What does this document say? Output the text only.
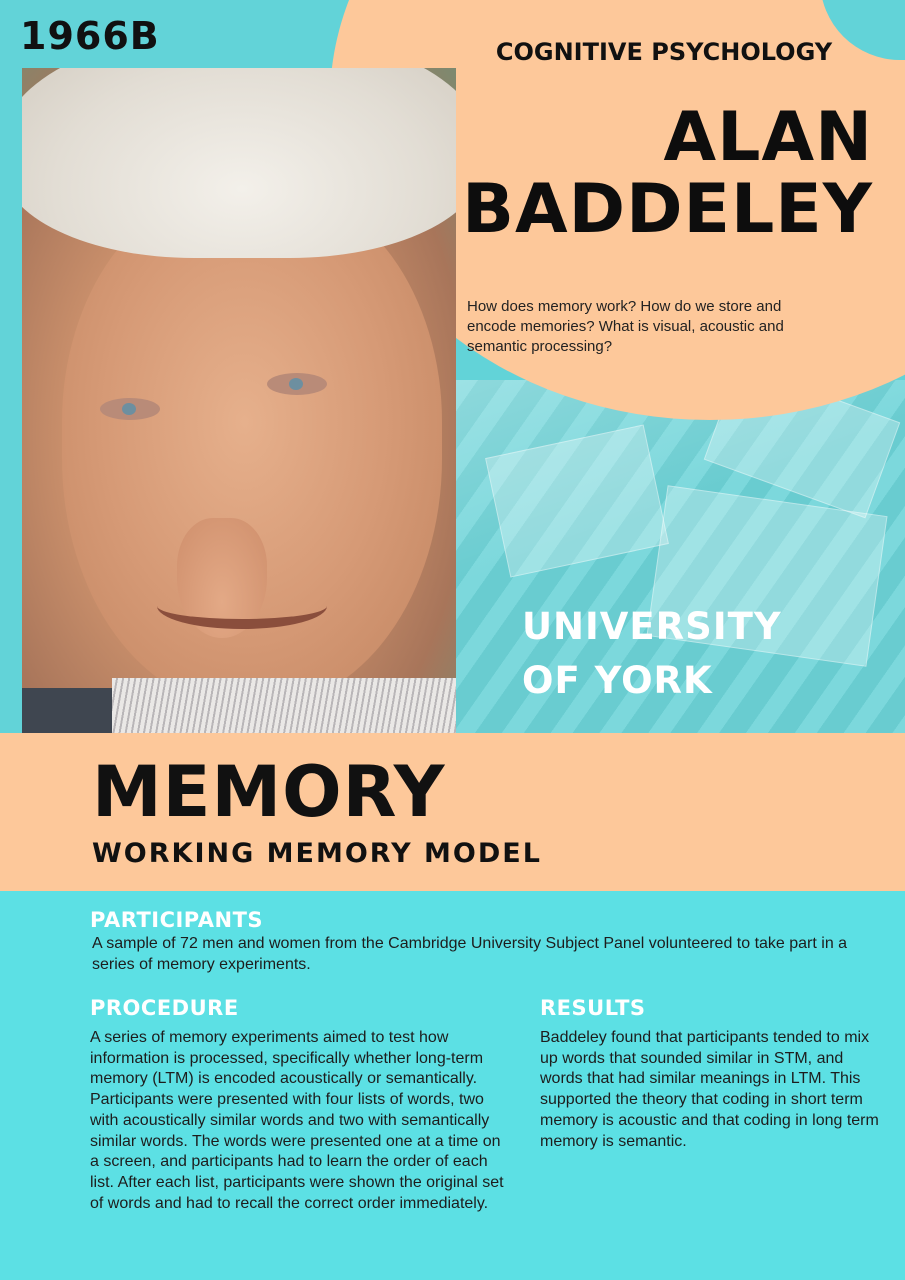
1966B	COGNITIVE PSYCHOLOGY
ALAN
BADDELEY
How does memory work? How do we store and encode memories? What is visual, acoustic and semantic processing?
UNIVERSITY
OF YORK
MEMORY
WORKING MEMORY MODEL
PARTICIPANTS
A sample of 72 men and women from the Cambridge University Subject Panel volunteered to take part in a series of memory experiments.
PROCEDURE
A series of memory experiments aimed to test how information is processed, specifically whether long-term memory (LTM) is encoded acoustically or semantically. Participants were presented with four lists of words, two with acoustically similar words and two with semantically similar words. The words were presented one at a time on a screen, and participants had to learn the order of each list. After each list, participants were shown the original set of words and had to recall the correct order immediately.
RESULTS
Baddeley found that participants tended to mix up words that sounded similar in STM, and words that had similar meanings in LTM. This supported the theory that coding in short term memory is acoustic and that coding in long term memory is semantic.
